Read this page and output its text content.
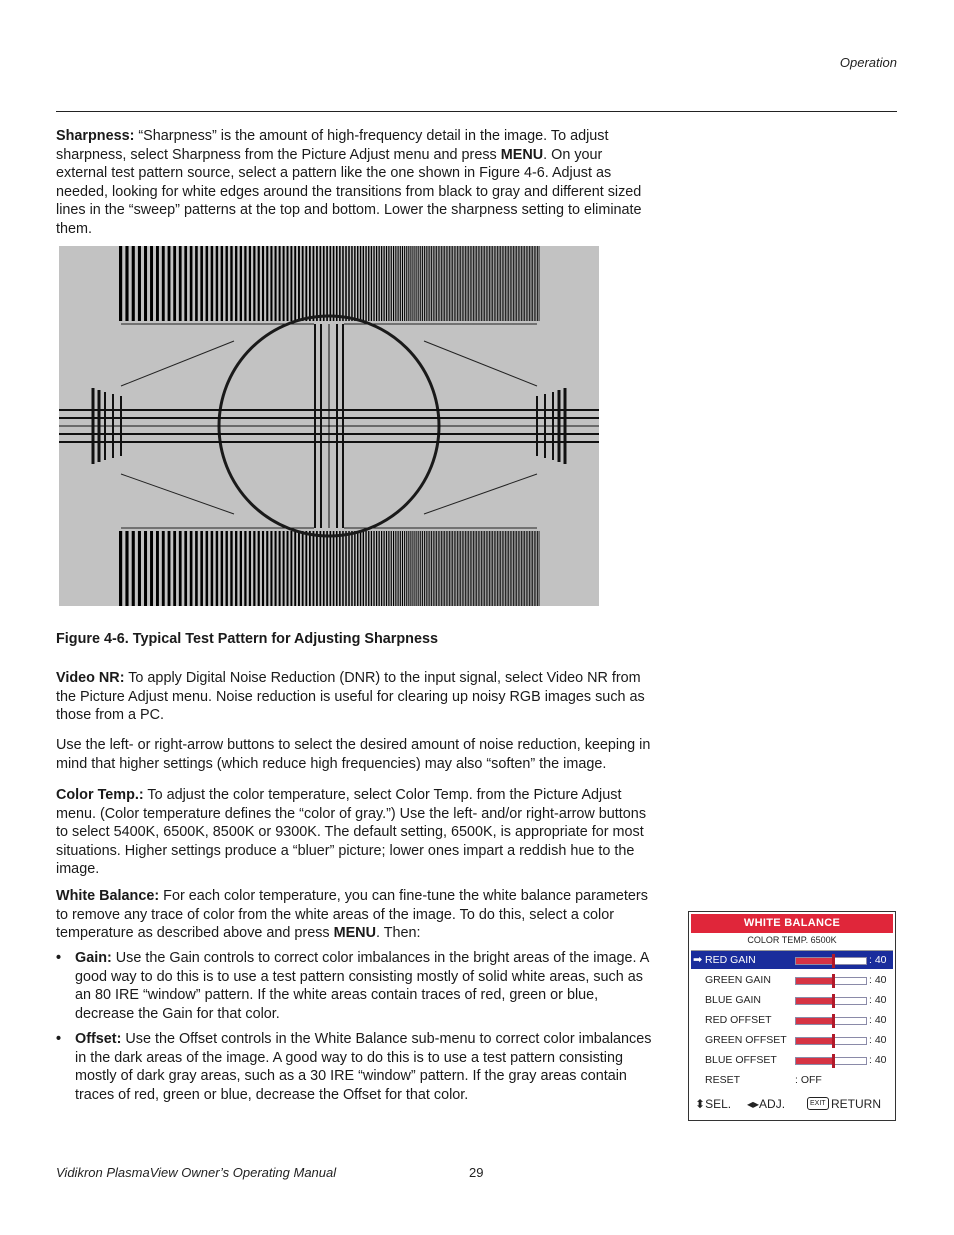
Operation

Sharpness: “Sharpness” is the amount of high-frequency detail in the image. To adjust sharpness, select Sharpness from the Picture Adjust menu and press MENU. On your external test pattern source, select a pattern like the one shown in Figure 4-6. Adjust as needed, looking for white edges around the transitions from black to gray and different sized lines in the “sweep” patterns at the top and bottom. Lower the sharpness setting to eliminate them.

Figure 4-6. Typical Test Pattern for Adjusting Sharpness

Video NR: To apply Digital Noise Reduction (DNR) to the input signal, select Video NR from the Picture Adjust menu. Noise reduction is useful for clearing up noisy RGB images such as those from a PC.

Use the left- or right-arrow buttons to select the desired amount of noise reduction, keeping in mind that higher settings (which reduce high frequencies) may also “soften” the image.

Color Temp.: To adjust the color temperature, select Color Temp. from the Picture Adjust menu. (Color temperature defines the “color of gray.”) Use the left- and/or right-arrow buttons to select 5400K, 6500K, 8500K or 9300K. The default setting, 6500K, is appropriate for most situations. Higher settings produce a “bluer” picture; lower ones impart a reddish hue to the image.

White Balance: For each color temperature, you can fine-tune the white balance parameters to remove any trace of color from the white areas of the image. To do this, select a color temperature as described above and press MENU. Then:

• Gain: Use the Gain controls to correct color imbalances in the bright areas of the image. A good way to do this is to use a test pattern consisting mostly of solid white areas, such as an 80 IRE “window” pattern. If the white areas contain traces of red, green or blue, decrease the Gain for that color.
• Offset: Use the Offset controls in the White Balance sub-menu to correct color imbalances in the dark areas of the image. A good way to do this is to use a test pattern consisting mostly of dark gray areas, such as a 30 IRE “window” pattern. If the gray areas contain traces of red, green or blue, decrease the Offset for that color.
WHITE BALANCE
COLOR TEMP. 6500K
➡ RED GAIN	: 40
GREEN GAIN	: 40
BLUE GAIN	: 40
RED OFFSET	: 40
GREEN OFFSET	: 40
BLUE OFFSET	: 40
RESET	: OFF
⬍SEL. ◂▸ADJ.	EXIT RETURN
Vidikron PlasmaView Owner’s Operating Manual	29
